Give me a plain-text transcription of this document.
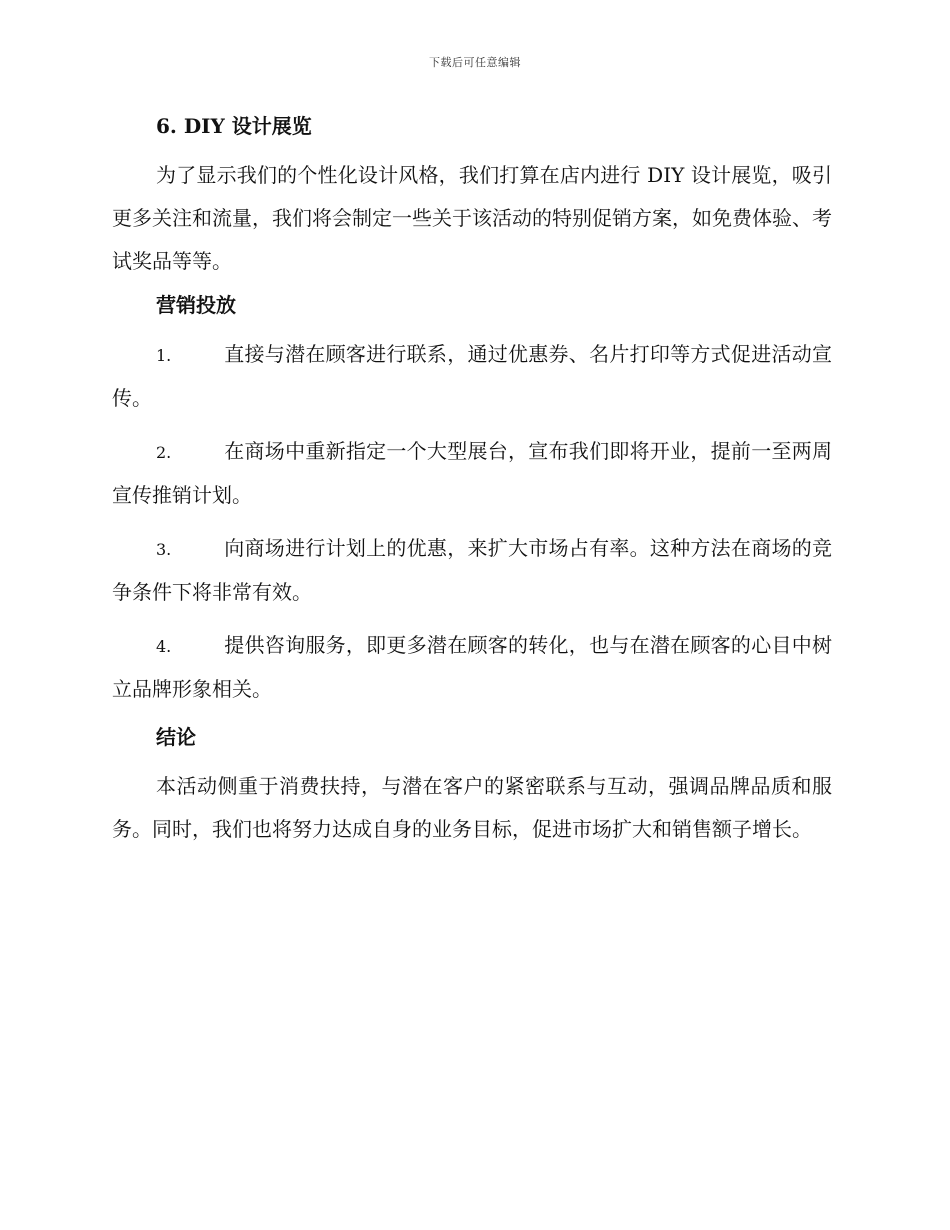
下载后可任意编辑
6. DIY 设计展览

为了显示我们的个性化设计风格，我们打算在店内进行 DIY 设计展览，吸引更多关注和流量，我们将会制定一些关于该活动的特别促销方案，如免费体验、考试奖品等等。

营销投放
1.	直接与潜在顾客进行联系，通过优惠券、名片打印等方式促进活动宣传。
2.	在商场中重新指定一个大型展台，宣布我们即将开业，提前一至两周宣传推销计划。
3.	向商场进行计划上的优惠，来扩大市场占有率。这种方法在商场的竞争条件下将非常有效。
4.	提供咨询服务，即更多潜在顾客的转化，也与在潜在顾客的心目中树立品牌形象相关。
结论

本活动侧重于消费扶持，与潜在客户的紧密联系与互动，强调品牌品质和服务。同时，我们也将努力达成自身的业务目标，促进市场扩大和销售额子增长。
